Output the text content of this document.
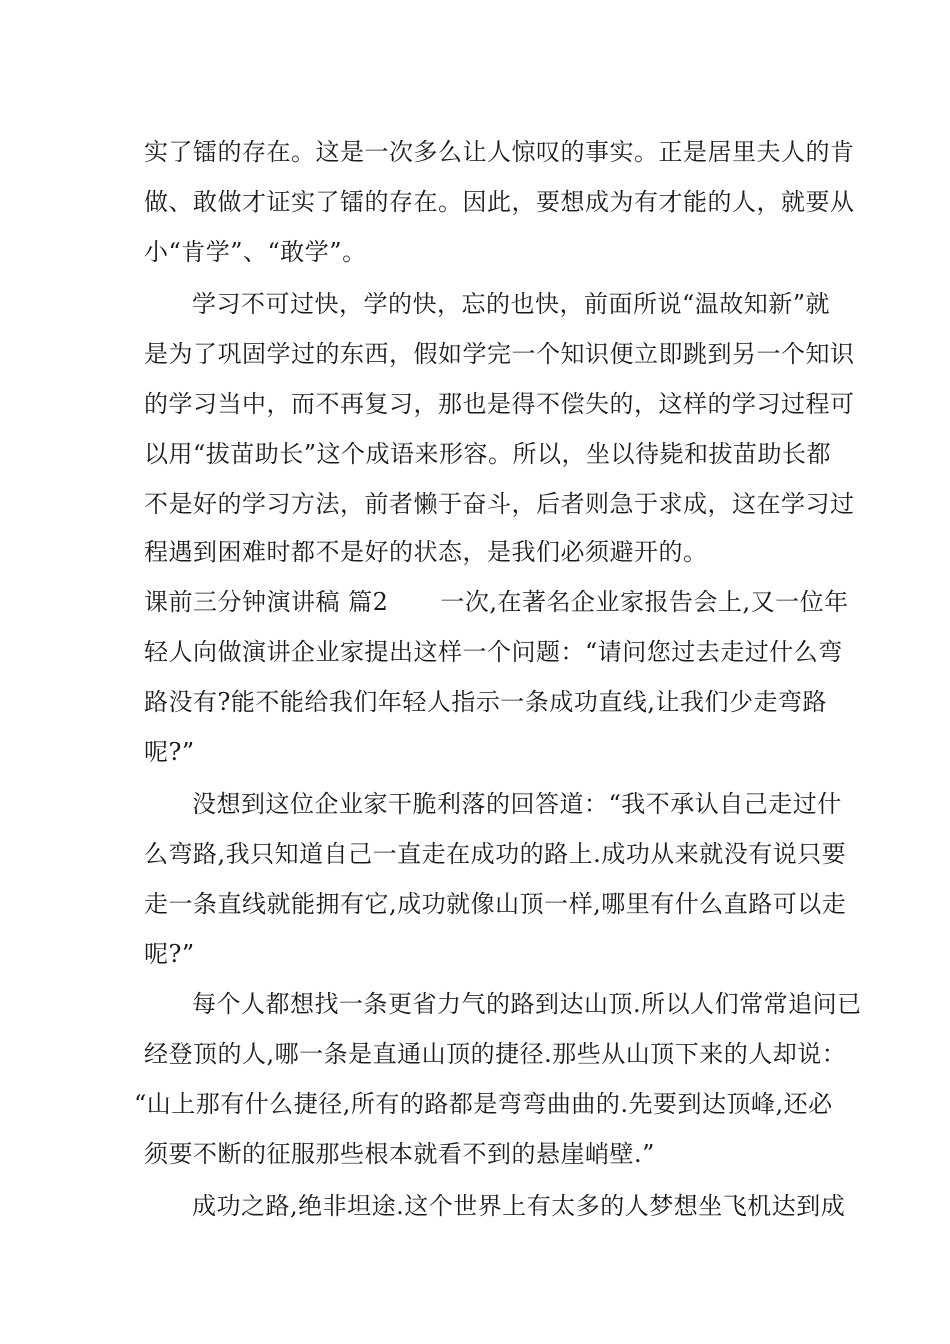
实了镭的存在。这是一次多么让人惊叹的事实。正是居里夫人的肯
做、敢做才证实了镭的存在。因此，要想成为有才能的人，就要从
小“肯学”、“敢学”。
学习不可过快，学的快，忘的也快，前面所说“温故知新”就
是为了巩固学过的东西，假如学完一个知识便立即跳到另一个知识
的学习当中，而不再复习，那也是得不偿失的，这样的学习过程可
以用“拔苗助长”这个成语来形容。所以，坐以待毙和拔苗助长都
不是好的学习方法，前者懒于奋斗，后者则急于求成，这在学习过
程遇到困难时都不是好的状态，是我们必须避开的。
课前三分钟演讲稿 篇2 一次,在著名企业家报告会上,又一位年
轻人向做演讲企业家提出这样一个问题：“请问您过去走过什么弯
路没有?能不能给我们年轻人指示一条成功直线,让我们少走弯路
呢?”
没想到这位企业家干脆利落的回答道：“我不承认自己走过什
么弯路,我只知道自己一直走在成功的路上.成功从来就没有说只要
走一条直线就能拥有它,成功就像山顶一样,哪里有什么直路可以走
呢?”
每个人都想找一条更省力气的路到达山顶.所以人们常常追问已
经登顶的人,哪一条是直通山顶的捷径.那些从山顶下来的人却说：
“山上那有什么捷径,所有的路都是弯弯曲曲的.先要到达顶峰,还必
须要不断的征服那些根本就看不到的悬崖峭壁.”
成功之路,绝非坦途.这个世界上有太多的人梦想坐飞机达到成
